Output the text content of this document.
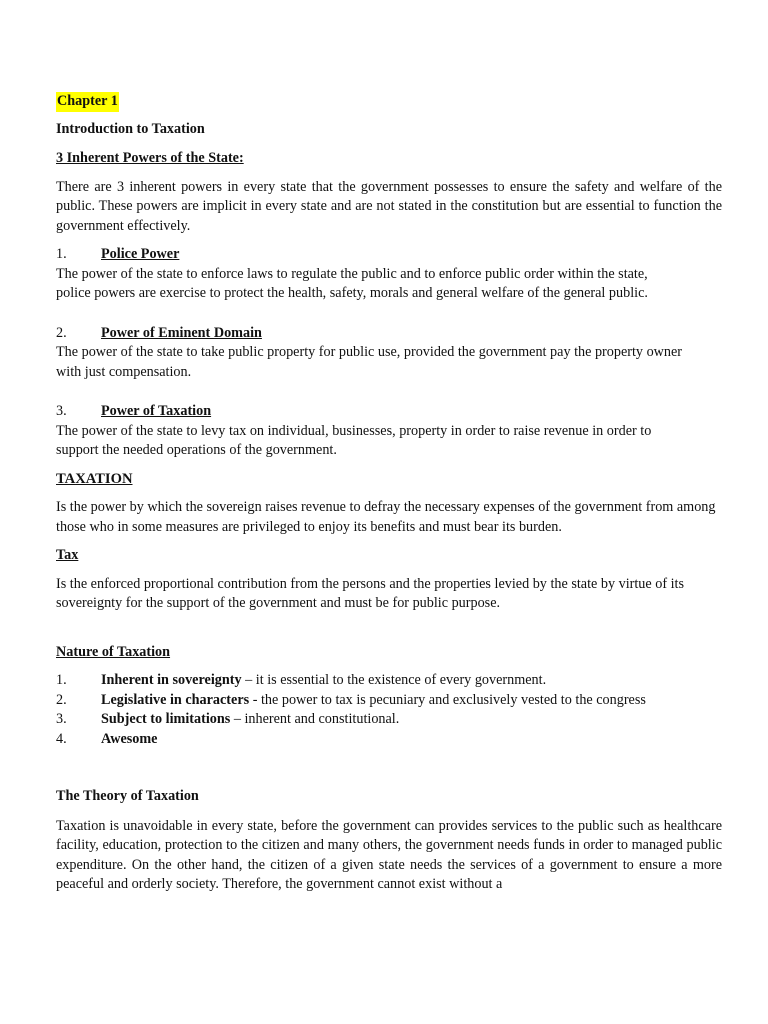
Chapter 1
Introduction to Taxation
3 Inherent Powers of the State:
There are 3 inherent powers in every state that the government possesses to ensure the safety and welfare of the public. These powers are implicit in every state and are not stated in the constitution but are essential to function the government effectively.
1.	Police Power
The power of the state to enforce laws to regulate the public and to enforce public order within the state,
police powers are exercise to protect the health, safety, morals and general welfare of the general public.
2.	Power of Eminent Domain
The power of the state to take public property for public use, provided the government pay the property owner
with just compensation.
3.	Power of Taxation
The power of the state to levy tax on individual, businesses, property in order to raise revenue in order to
support the needed operations of the government.
TAXATION
Is the power by which the sovereign raises revenue to defray the necessary expenses of the government from among those who in some measures are privileged to enjoy its benefits and must bear its burden.
Tax
Is the enforced proportional contribution from the persons and the properties levied by the state by virtue of its sovereignty for the support of the government and must be for public purpose.
Nature of Taxation
1.	Inherent in sovereignty – it is essential to the existence of every government.
2.	Legislative in characters - the power to tax is pecuniary and exclusively vested to the congress
3.	Subject to limitations – inherent and constitutional.
4.	Awesome
The Theory of Taxation
Taxation is unavoidable in every state, before the government can provides services to the public such as healthcare facility, education, protection to the citizen and many others, the government needs funds in order to managed public expenditure. On the other hand, the citizen of a given state needs the services of a government to ensure a more peaceful and orderly society. Therefore, the government cannot exist without a
